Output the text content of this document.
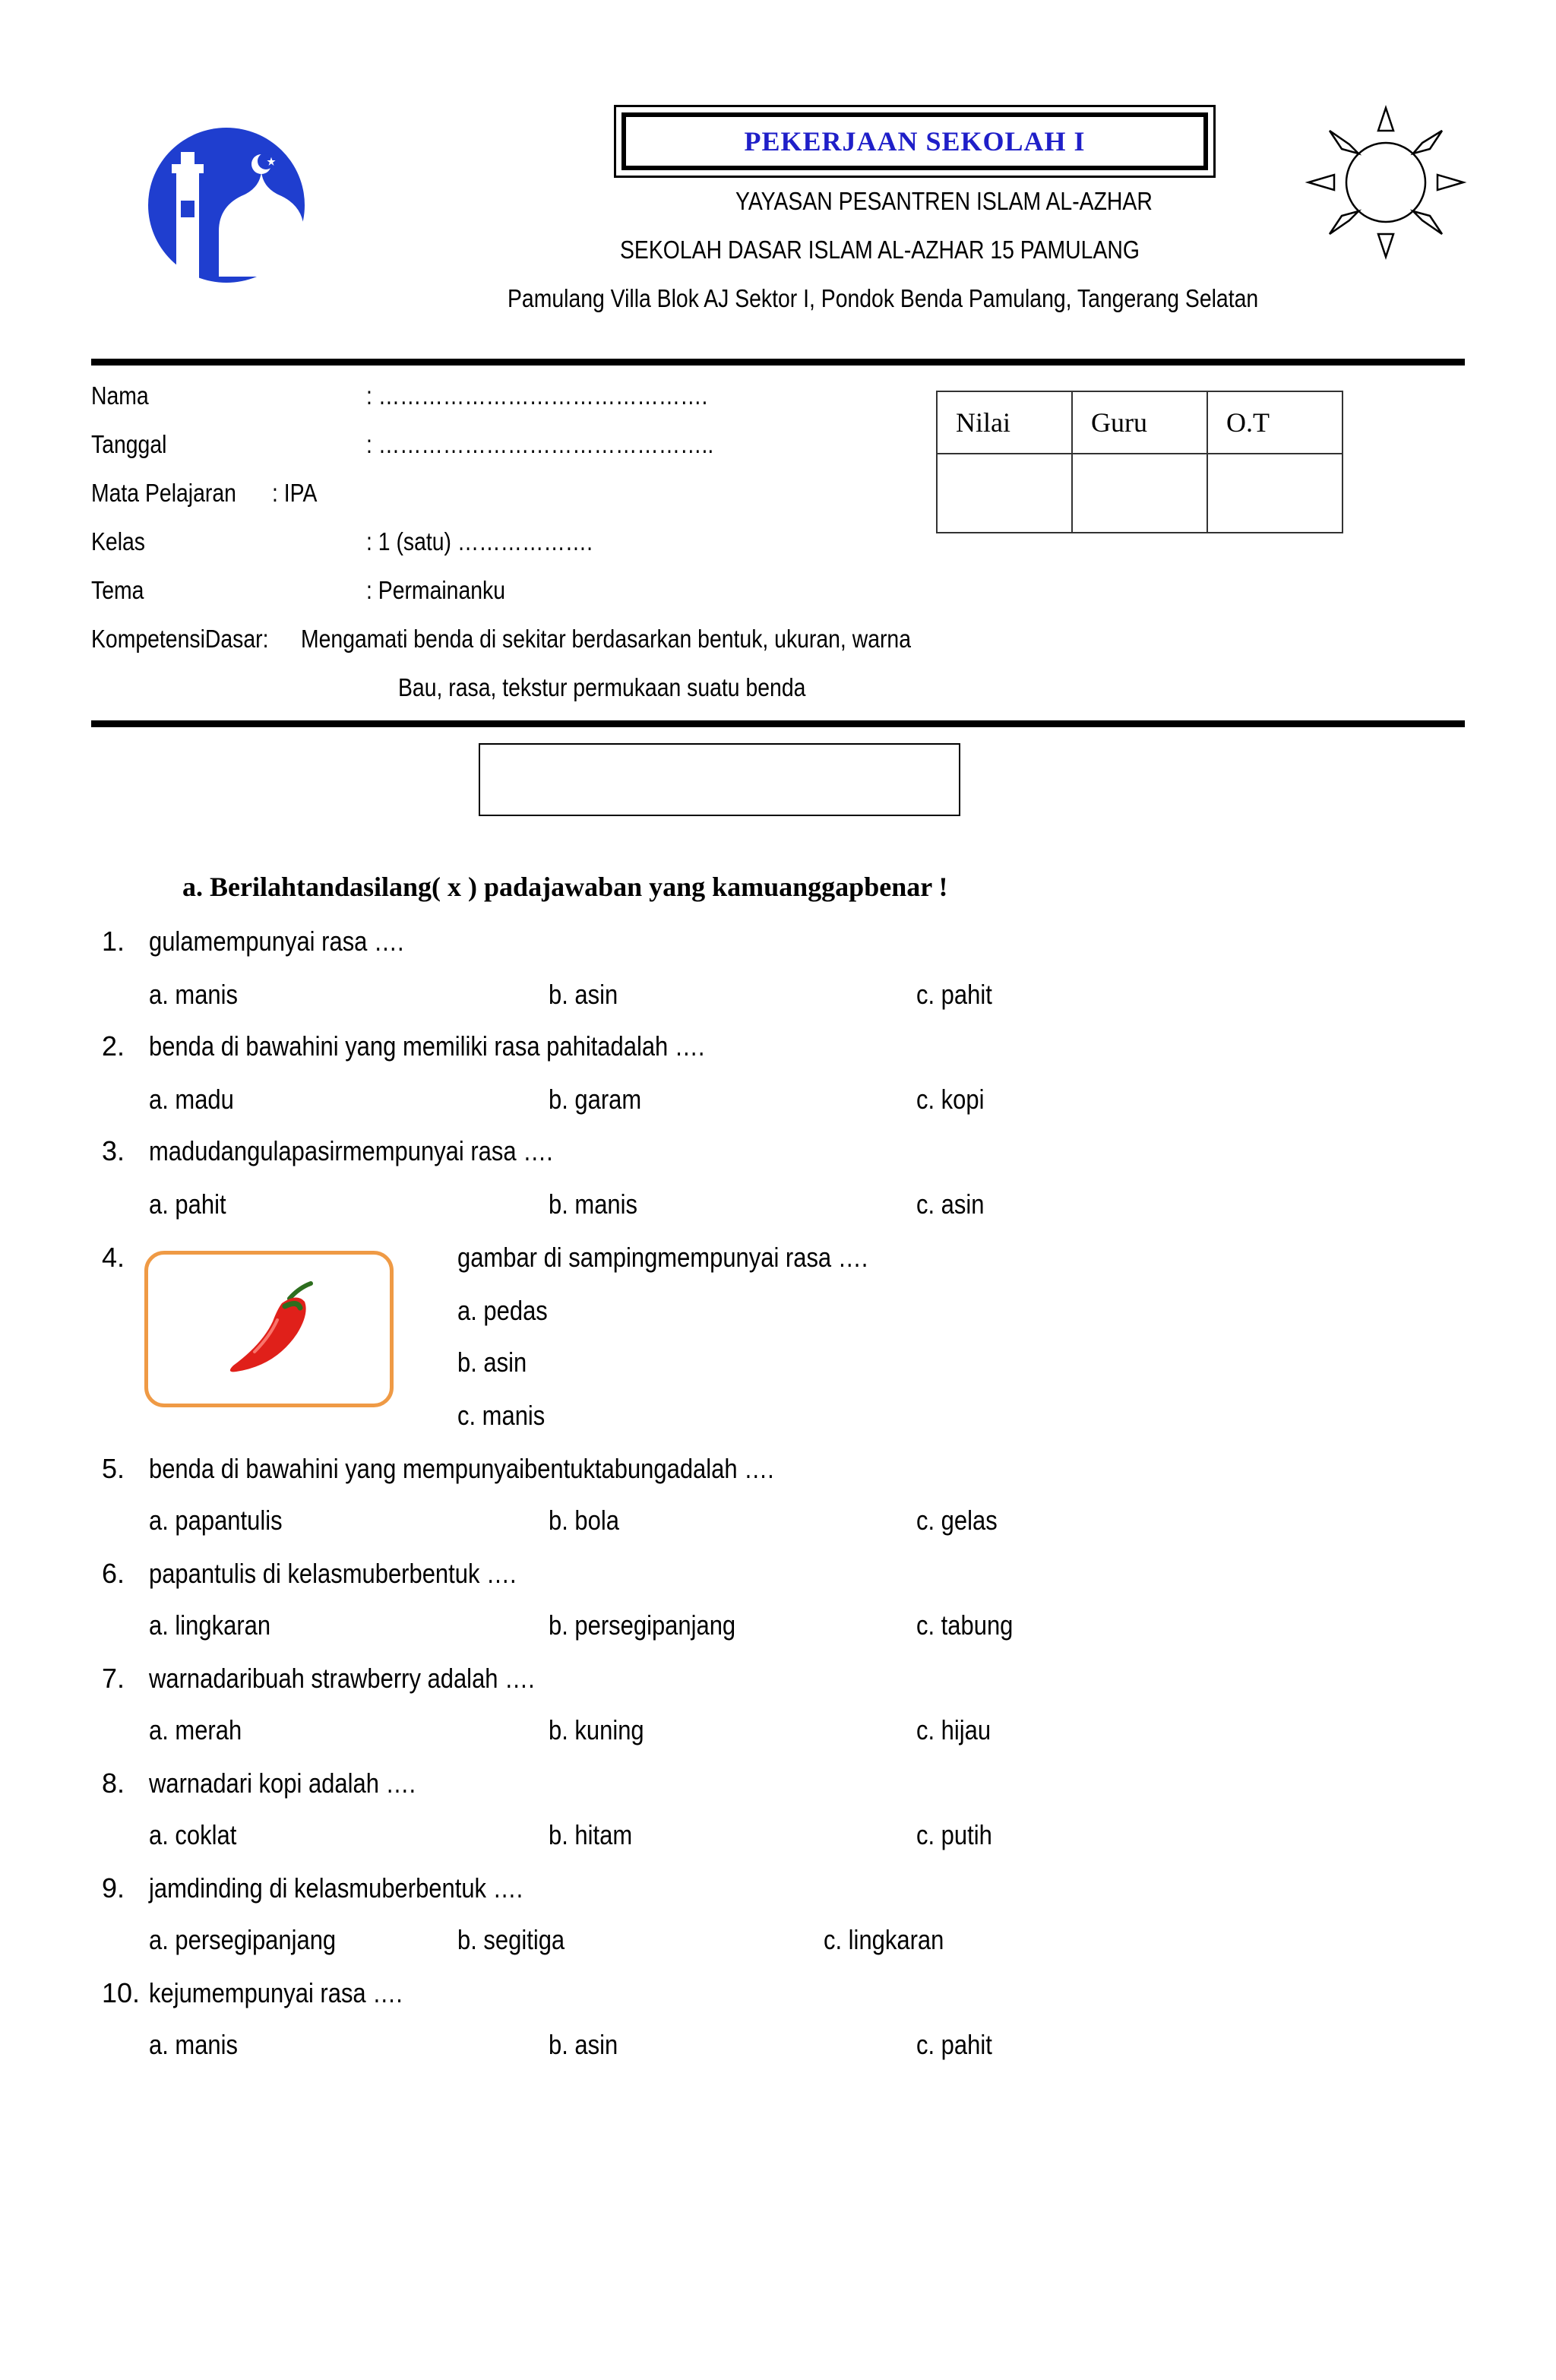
PEKERJAAN SEKOLAH I
YAYASAN PESANTREN ISLAM AL-AZHAR
SEKOLAH DASAR ISLAM AL-AZHAR 15 PAMULANG
Pamulang Villa Blok AJ Sektor I, Pondok Benda Pamulang, Tangerang Selatan
Nama	: ……………………………………….
Tanggal	: ………………………………………..
Mata Pelajaran	: IPA
Kelas	: 1 (satu) ……………….
Tema	: Permainanku
KompetensiDasar:	Mengamati benda di sekitar berdasarkan bentuk, ukuran, warna
Bau, rasa, tekstur permukaan suatu benda
Nilai	Guru	O.T

a. Berilahtandasilang( x ) padajawaban yang kamuanggapbenar !
1. gulamempunyai rasa ….
a. manis	b. asin	c. pahit
2. benda di bawahini yang memiliki rasa pahitadalah ….
a. madu	b. garam	c. kopi
3. madudangulapasirmempunyai rasa ….
a. pahit	b. manis	c. asin
4.	gambar di sampingmempunyai rasa ….
a. pedas
b. asin
c. manis
5. benda di bawahini yang mempunyaibentuktabungadalah ….
a. papantulis	b. bola	c. gelas
6. papantulis di kelasmuberbentuk ….
a. lingkaran	b. persegipanjang	c. tabung
7. warnadaribuah strawberry adalah ….
a. merah	b. kuning	c. hijau
8. warnadari kopi adalah ….
a. coklat	b. hitam	c. putih
9. jamdinding di kelasmuberbentuk ….
a. persegipanjang	b. segitiga	c. lingkaran
10. kejumempunyai rasa ….
a. manis	b. asin	c. pahit
